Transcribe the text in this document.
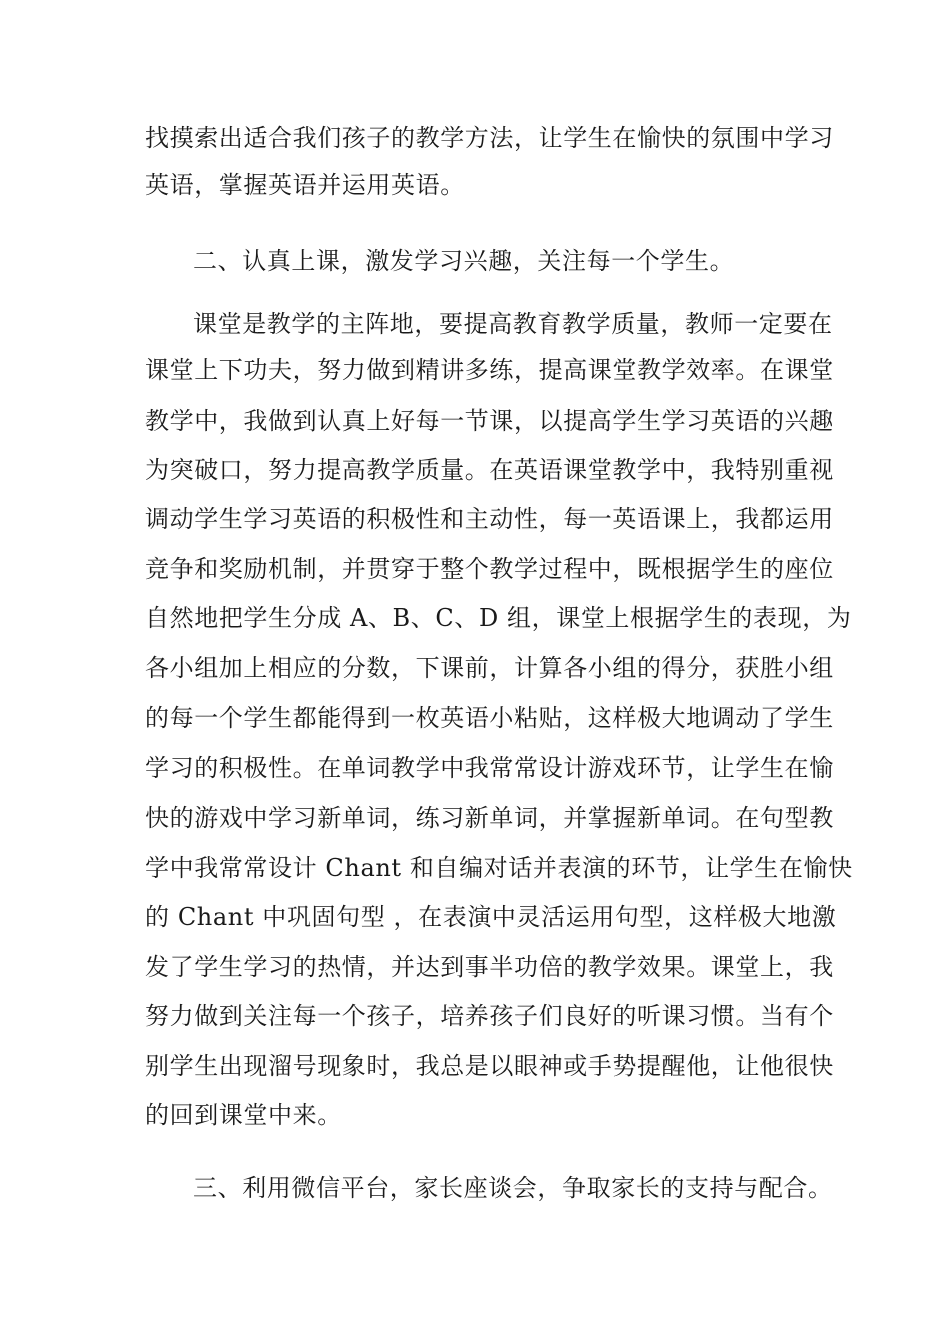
找摸索出适合我们孩子的教学方法，让学生在愉快的氛围中学习

英语，掌握英语并运用英语。

二、认真上课，激发学习兴趣，关注每一个学生。

课堂是教学的主阵地，要提高教育教学质量，教师一定要在

课堂上下功夫，努力做到精讲多练，提高课堂教学效率。在课堂

教学中，我做到认真上好每一节课，以提高学生学习英语的兴趣

为突破口，努力提高教学质量。在英语课堂教学中，我特别重视

调动学生学习英语的积极性和主动性，每一英语课上，我都运用

竞争和奖励机制，并贯穿于整个教学过程中，既根据学生的座位

自然地把学生分成 A、B、C、D 组，课堂上根据学生的表现，为

各小组加上相应的分数，下课前，计算各小组的得分，获胜小组

的每一个学生都能得到一枚英语小粘贴，这样极大地调动了学生

学习的积极性。在单词教学中我常常设计游戏环节，让学生在愉

快的游戏中学习新单词，练习新单词，并掌握新单词。在句型教

学中我常常设计 Chant 和自编对话并表演的环节，让学生在愉快

的 Chant 中巩固句型 ，在表演中灵活运用句型，这样极大地激

发了学生学习的热情，并达到事半功倍的教学效果。课堂上，我

努力做到关注每一个孩子，培养孩子们良好的听课习惯。当有个

别学生出现溜号现象时，我总是以眼神或手势提醒他，让他很快

的回到课堂中来。

三、利用微信平台，家长座谈会，争取家长的支持与配合。
